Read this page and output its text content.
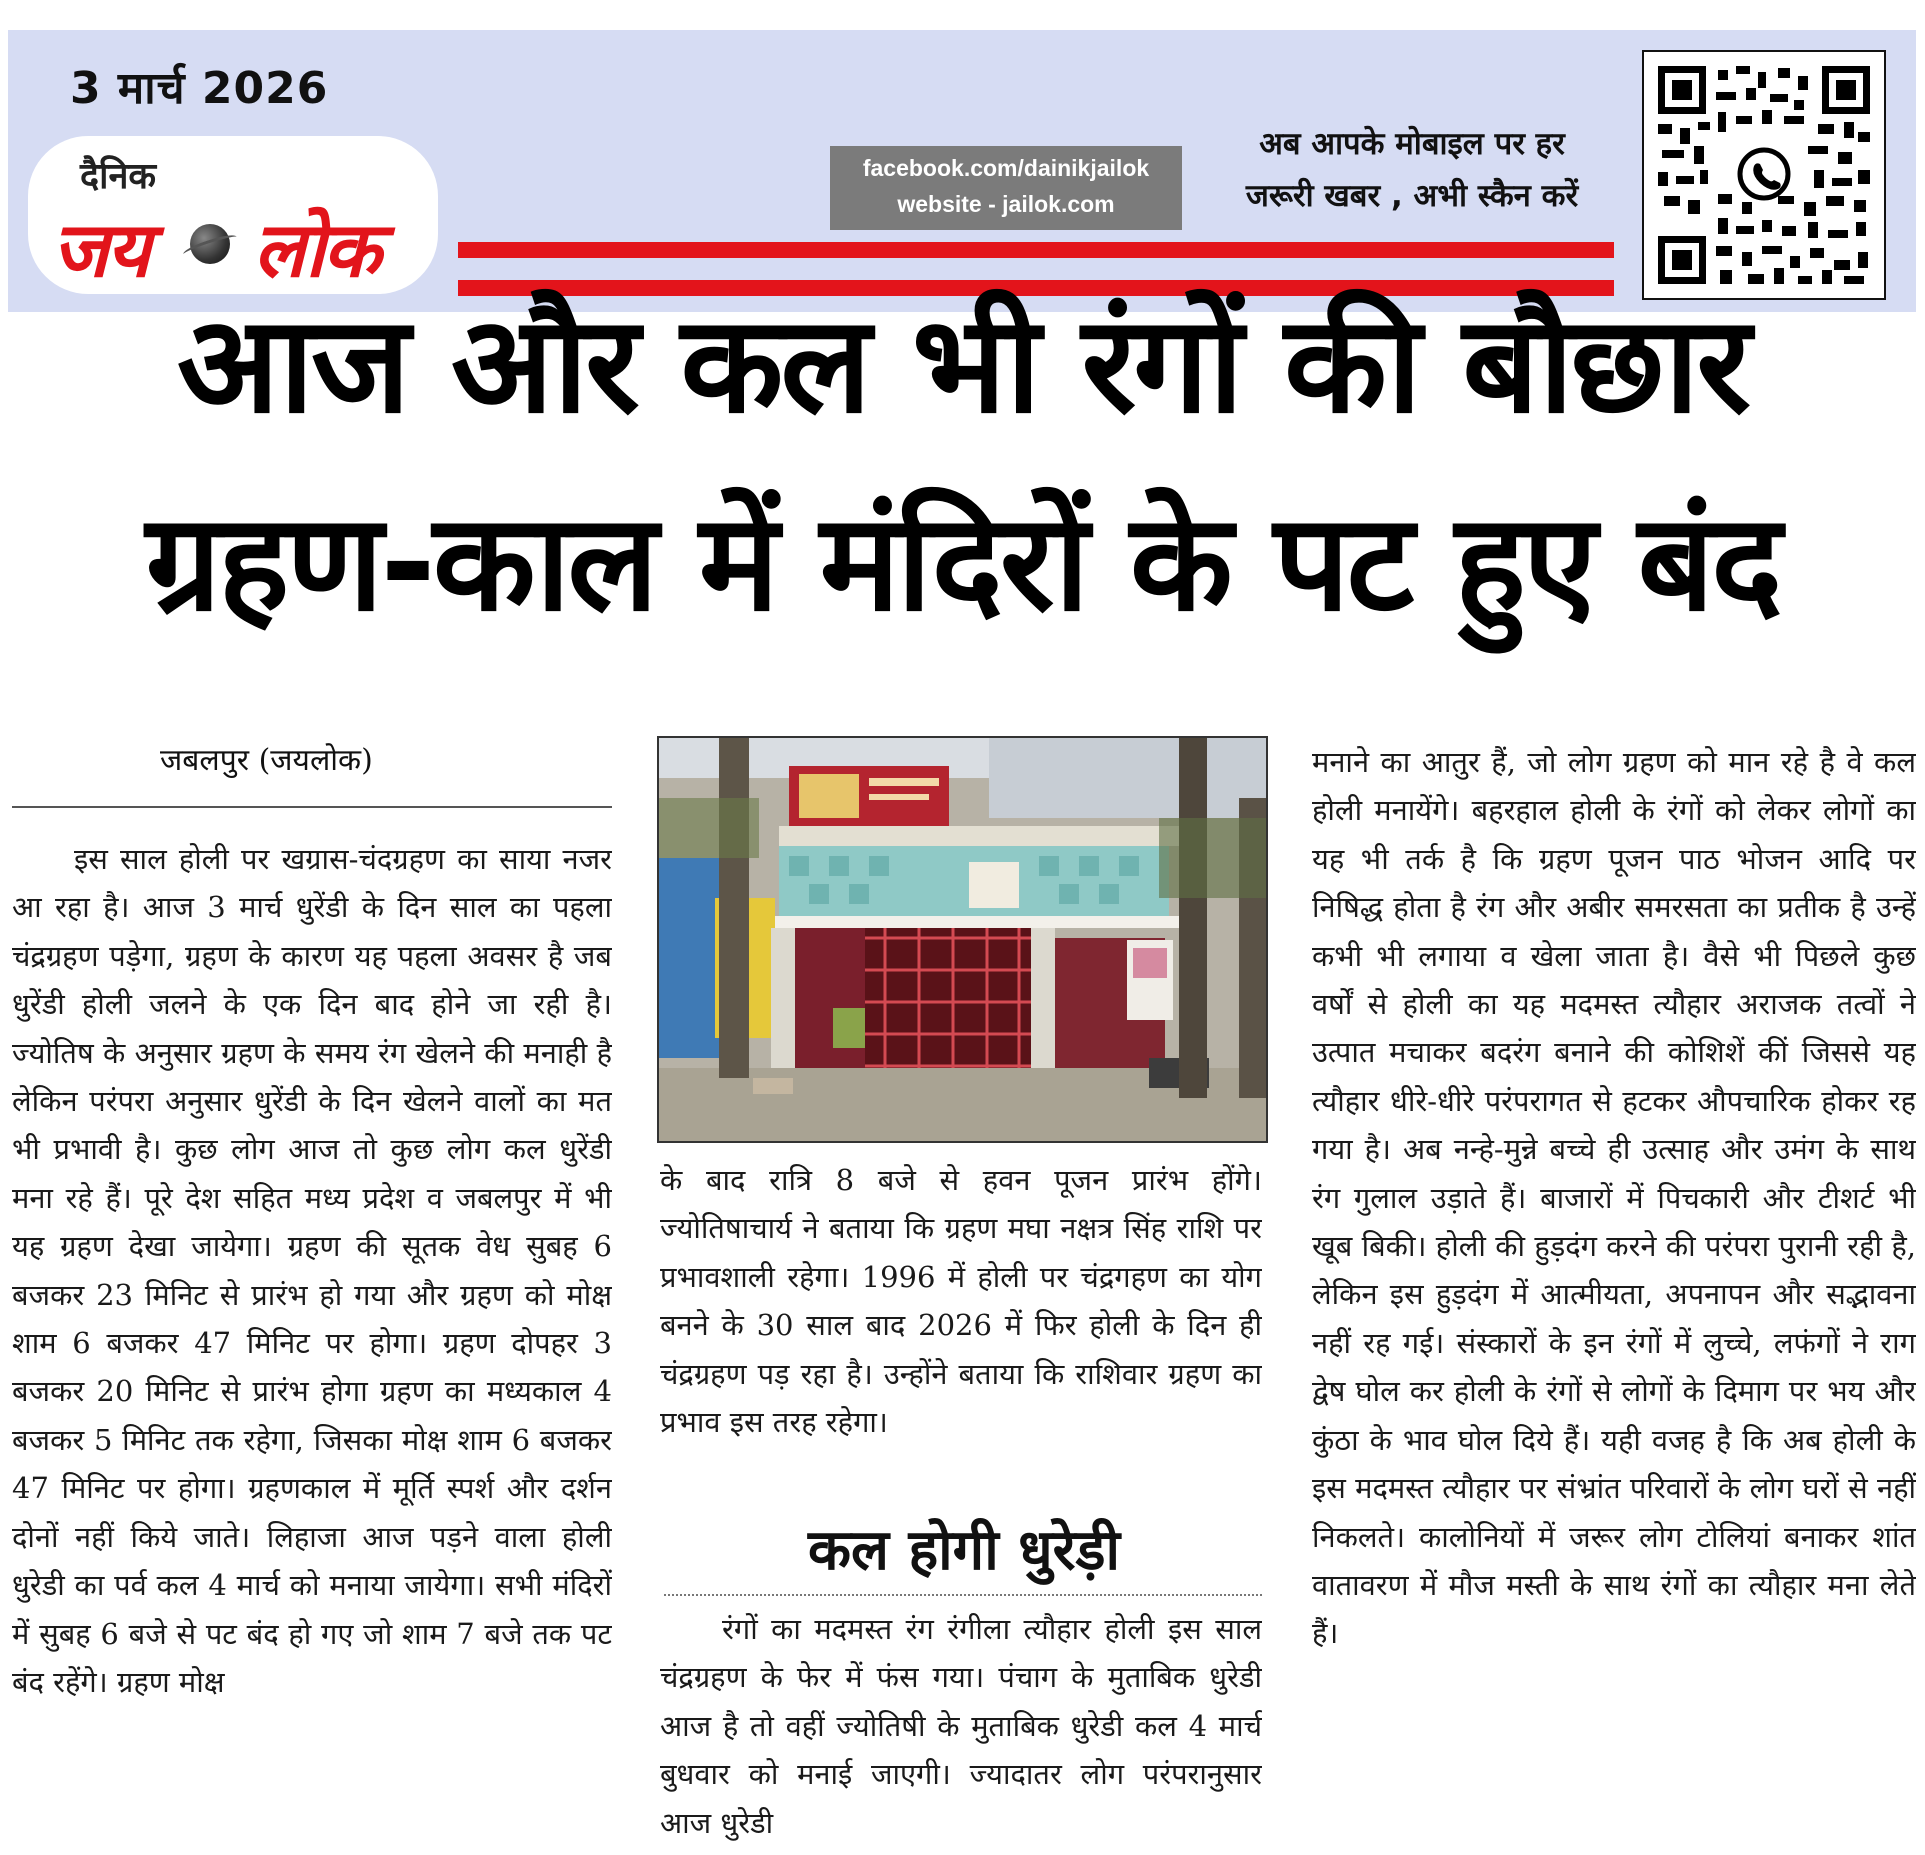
3 मार्च 2026
दैनिक
जय लोक
facebook.com/dainikjailok
website - jailok.com
अब आपके मोबाइल पर हर
जरूरी खबर , अभी स्कैन करें
आज और कल भी रंगों की बौछार
ग्रहण-काल में मंदिरों के पट हुए बंद
जबलपुर (जयलोक)

इस साल होली पर खग्रास-चंदग्रहण का साया नजर आ रहा है। आज 3 मार्च धुरेंडी के दिन साल का पहला चंद्रग्रहण पड़ेगा, ग्रहण के कारण यह पहला अवसर है जब धुरेंडी होली जलने के एक दिन बाद होने जा रही है। ज्योतिष के अनुसार ग्रहण के समय रंग खेलने की मनाही है लेकिन परंपरा अनुसार धुरेंडी के दिन खेलने वालों का मत भी प्रभावी है। कुछ लोग आज तो कुछ लोग कल धुरेंडी मना रहे हैं। पूरे देश सहित मध्य प्रदेश व जबलपुर में भी यह ग्रहण देखा जायेगा। ग्रहण की सूतक वेध सुबह 6 बजकर 23 मिनिट से प्रारंभ हो गया और ग्रहण को मोक्ष शाम 6 बजकर 47 मिनिट पर होगा। ग्रहण दोपहर 3 बजकर 20 मिनिट से प्रारंभ होगा ग्रहण का मध्यकाल 4 बजकर 5 मिनिट तक रहेगा, जिसका मोक्ष शाम 6 बजकर 47 मिनिट पर होगा। ग्रहणकाल में मूर्ति स्पर्श और दर्शन दोनों नहीं किये जाते। लिहाजा आज पड़ने वाला होली धुरेडी का पर्व कल 4 मार्च को मनाया जायेगा। सभी मंदिरों में सुबह 6 बजे से पट बंद हो गए जो शाम 7 बजे तक पट बंद रहेंगे। ग्रहण मोक्ष

के बाद रात्रि 8 बजे से हवन पूजन प्रारंभ होंगे। ज्योतिषाचार्य ने बताया कि ग्रहण मघा नक्षत्र सिंह राशि पर प्रभावशाली रहेगा। 1996 में होली पर चंद्रगहण का योग बनने के 30 साल बाद 2026 में फिर होली के दिन ही चंद्रग्रहण पड़ रहा है। उन्होंने बताया कि राशिवार ग्रहण का प्रभाव इस तरह रहेगा।

कल होगी धुरेड़ी

रंगों का मदमस्त रंग रंगीला त्यौहार होली इस साल चंद्रग्रहण के फेर में फंस गया। पंचाग के मुताबिक धुरेडी आज है तो वहीं ज्योतिषी के मुताबिक धुरेडी कल 4 मार्च बुधवार को मनाई जाएगी। ज्यादातर लोग परंपरानुसार आज धुरेडी

मनाने का आतुर हैं, जो लोग ग्रहण को मान रहे है वे कल होली मनायेंगे। बहरहाल होली के रंगों को लेकर लोगों का यह भी तर्क है कि ग्रहण पूजन पाठ भोजन आदि पर निषिद्ध होता है रंग और अबीर समरसता का प्रतीक है उन्हें कभी भी लगाया व खेला जाता है। वैसे भी पिछले कुछ वर्षों से होली का यह मदमस्त त्यौहार अराजक तत्वों ने उत्पात मचाकर बदरंग बनाने की कोशिशें कीं जिससे यह त्यौहार धीरे-धीरे परंपरागत से हटकर औपचारिक होकर रह गया है। अब नन्हे-मुन्ने बच्चे ही उत्साह और उमंग के साथ रंग गुलाल उड़ाते हैं। बाजारों में पिचकारी और टीशर्ट भी खूब बिकी। होली की हुड़दंग करने की परंपरा पुरानी रही है, लेकिन इस हुड़दंग में आत्मीयता, अपनापन और सद्भावना नहीं रह गई। संस्कारों के इन रंगों में लुच्चे, लफंगों ने राग द्वेष घोल कर होली के रंगों से लोगों के दिमाग पर भय और कुंठा के भाव घोल दिये हैं। यही वजह है कि अब होली के इस मदमस्त त्यौहार पर संभ्रांत परिवारों के लोग घरों से नहीं निकलते। कालोनियों में जरूर लोग टोलियां बनाकर शांत वातावरण में मौज मस्ती के साथ रंगों का त्यौहार मना लेते हैं।
